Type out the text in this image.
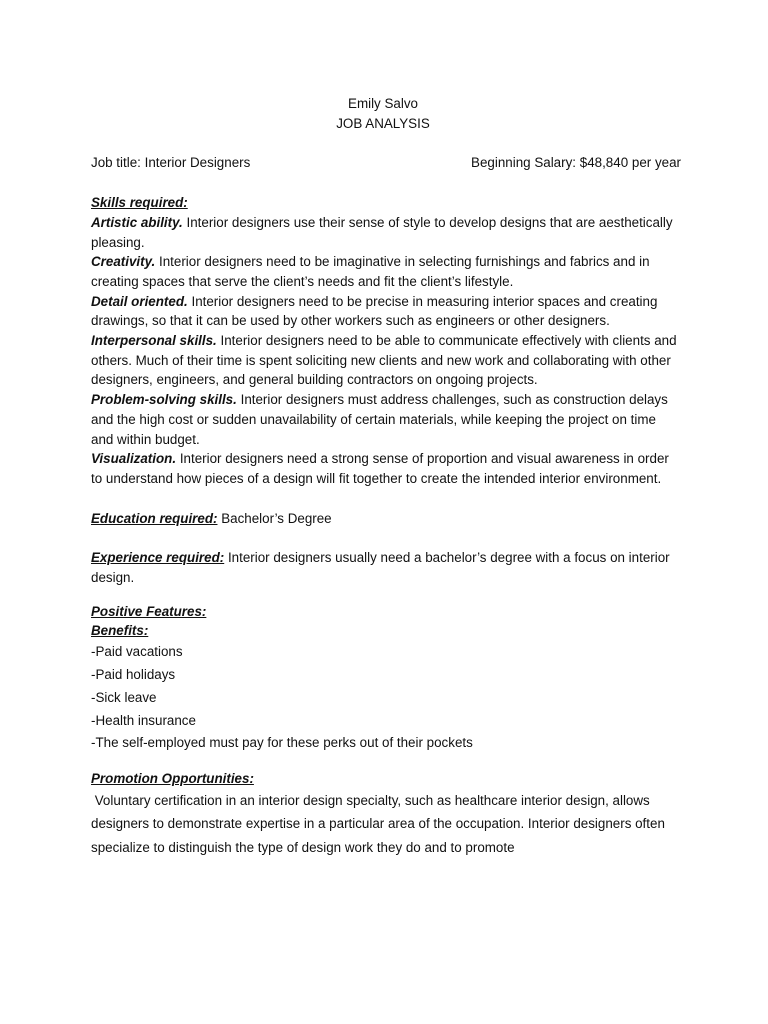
Emily Salvo
JOB ANALYSIS
Job title: Interior Designers	Beginning Salary: $48,840 per year
Skills required:

Artistic ability. Interior designers use their sense of style to develop designs that are aesthetically pleasing.

Creativity. Interior designers need to be imaginative in selecting furnishings and fabrics and in creating spaces that serve the client’s needs and fit the client’s lifestyle.

Detail oriented. Interior designers need to be precise in measuring interior spaces and creating drawings, so that it can be used by other workers such as engineers or other designers.

Interpersonal skills. Interior designers need to be able to communicate effectively with clients and others. Much of their time is spent soliciting new clients and new work and collaborating with other designers, engineers, and general building contractors on ongoing projects.

Problem-solving skills. Interior designers must address challenges, such as construction delays and the high cost or sudden unavailability of certain materials, while keeping the project on time and within budget.

Visualization. Interior designers need a strong sense of proportion and visual awareness in order to understand how pieces of a design will fit together to create the intended interior environment.

Education required: Bachelor’s Degree
Experience required: Interior designers usually need a bachelor’s degree with a focus on interior design.
Positive Features:
Benefits:
-Paid vacations
-Paid holidays
-Sick leave
-Health insurance
-The self-employed must pay for these perks out of their pockets
Promotion Opportunities:

Voluntary certification in an interior design specialty, such as healthcare interior design, allows designers to demonstrate expertise in a particular area of the occupation. Interior designers often specialize to distinguish the type of design work they do and to promote
